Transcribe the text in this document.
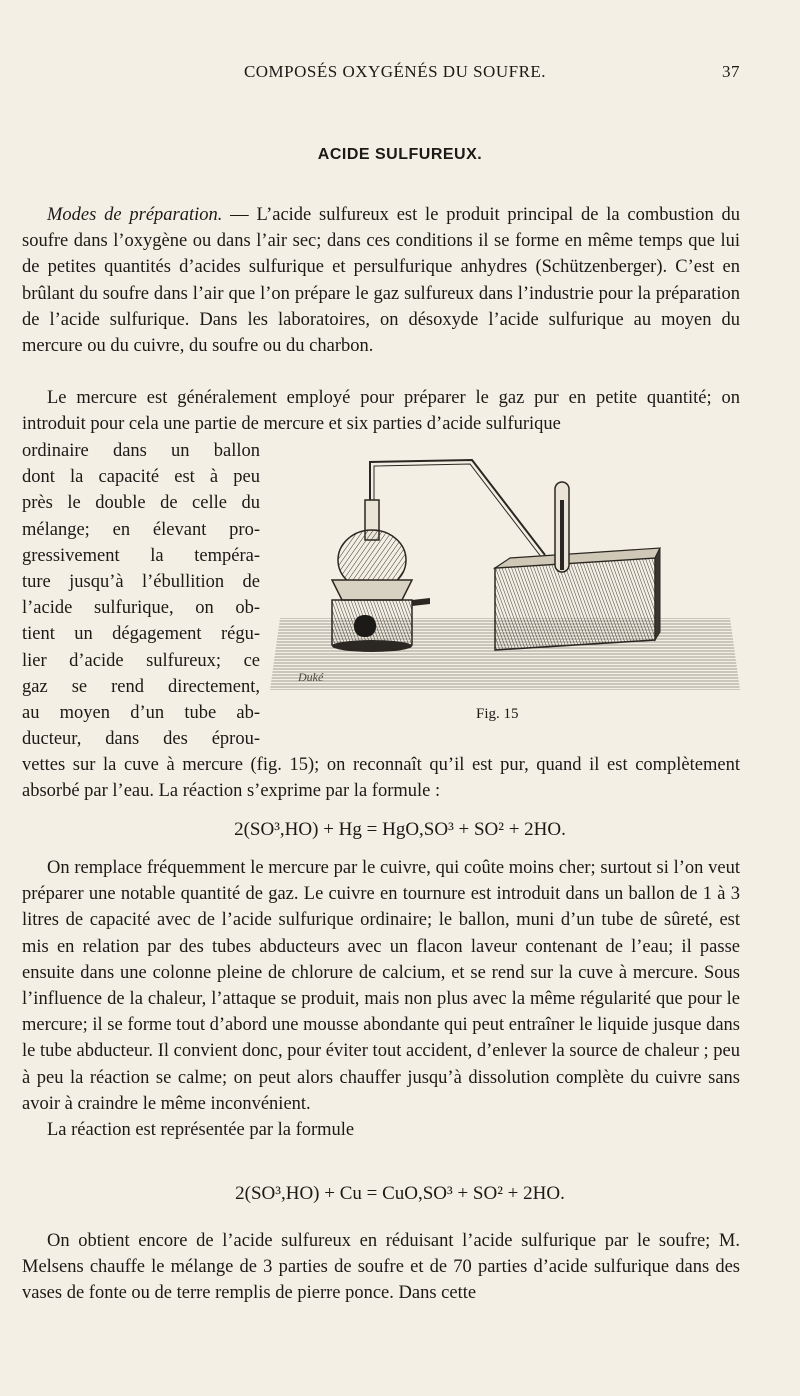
COMPOSÉS OXYGÉNÉS DU SOUFRE.	37
ACIDE SULFUREUX.
Modes de préparation. — L’acide sulfureux est le produit principal de la combustion du soufre dans l’oxygène ou dans l’air sec; dans ces conditions il se forme en même temps que lui de petites quantités d’acides sulfurique et persulfurique anhydres (Schützenberger). C’est en brûlant du soufre dans l’air que l’on prépare le gaz sulfureux dans l’industrie pour la préparation de l’acide sulfurique. Dans les laboratoires, on désoxyde l’acide sulfurique au moyen du mercure ou du cuivre, du soufre ou du charbon.
Le mercure est généralement employé pour préparer le gaz pur en petite quantité; on introduit pour cela une partie de mercure et six parties d’acide sulfurique
ordinaire dans un ballon
dont la capacité est à peu
près le double de celle du
mélange; en élevant pro-
gressivement la tempéra-
ture jusqu’à l’ébullition de
l’acide sulfurique, on ob-
tient un dégagement régu-
lier d’acide sulfureux; ce
gaz se rend directement,
au moyen d’un tube ab-
ducteur, dans des éprou-
Duké
Fig. 15
vettes sur la cuve à mercure (fig. 15); on reconnaît qu’il est pur, quand il est complètement absorbé par l’eau. La réaction s’exprime par la formule :
2(SO³,HO) + Hg = HgO,SO³ + SO² + 2HO.
On remplace fréquemment le mercure par le cuivre, qui coûte moins cher; surtout si l’on veut préparer une notable quantité de gaz. Le cuivre en tournure est introduit dans un ballon de 1 à 3 litres de capacité avec de l’acide sulfurique ordinaire; le ballon, muni d’un tube de sûreté, est mis en relation par des tubes abducteurs avec un flacon laveur contenant de l’eau; il passe ensuite dans une colonne pleine de chlorure de calcium, et se rend sur la cuve à mercure. Sous l’influence de la chaleur, l’attaque se produit, mais non plus avec la même régularité que pour le mercure; il se forme tout d’abord une mousse abondante qui peut entraîner le liquide jusque dans le tube abducteur. Il convient donc, pour éviter tout accident, d’enlever la source de chaleur ; peu à peu la réaction se calme; on peut alors chauffer jusqu’à dissolution complète du cuivre sans avoir à craindre le même inconvénient.
La réaction est représentée par la formule
2(SO³,HO) + Cu = CuO,SO³ + SO² + 2HO.
On obtient encore de l’acide sulfureux en réduisant l’acide sulfurique par le soufre; M. Melsens chauffe le mélange de 3 parties de soufre et de 70 parties d’acide sulfurique dans des vases de fonte ou de terre remplis de pierre ponce. Dans cette
